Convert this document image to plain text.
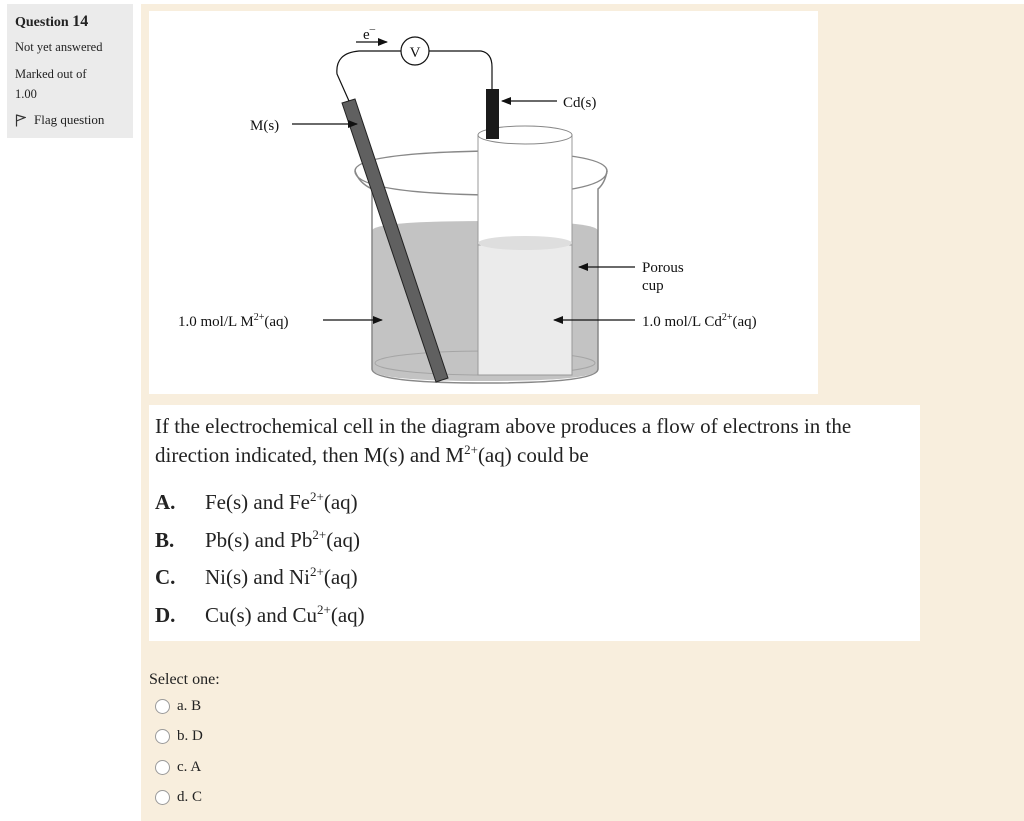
Question 14
Not yet answered
Marked out of
1.00
Flag question
V
e–
Cd(s)
M(s)
Porous
cup
1.0 mol/L $M^{2+}(aq)$	1.0 mol/L $Cd^{2+}(aq)$
If the electrochemical cell in the diagram above produces a flow of electrons in the
direction indicated, then M(s) and $M^{2+}(aq)$ could be
A.	Fe(s) and $Fe^{2+}(aq)$
B.	Pb(s) and $Pb^{2+}(aq)$
C.	Ni(s) and $Ni^{2+}(aq)$
D.	Cu(s) and $Cu^{2+}(aq)$
Select one:
a. B
b. D
c. A
d. C
